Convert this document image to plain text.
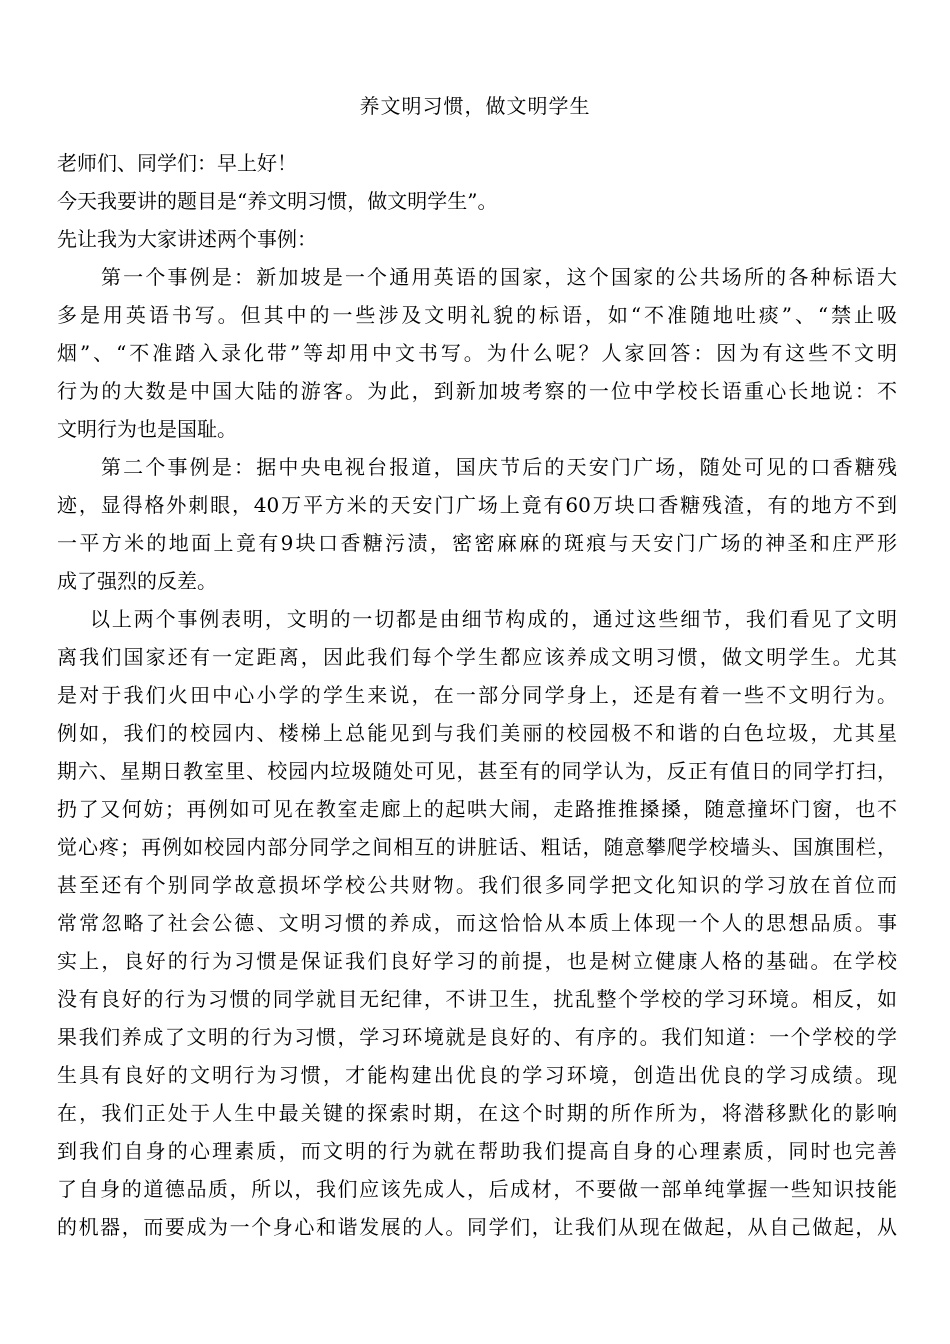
养文明习惯，做文明学生

老师们、同学们：早上好！

今天我要讲的题目是“养文明习惯，做文明学生”。

先让我为大家讲述两个事例：

第一个事例是：新加坡是一个通用英语的国家，这个国家的公共场所的各种标语大

多是用英语书写。但其中的一些涉及文明礼貌的标语，如“不准随地吐痰”、“禁止吸

烟”、“不准踏入录化带”等却用中文书写。为什么呢？人家回答：因为有这些不文明

行为的大数是中国大陆的游客。为此，到新加坡考察的一位中学校长语重心长地说：不

文明行为也是国耻。

第二个事例是：据中央电视台报道，国庆节后的天安门广场，随处可见的口香糖残

迹，显得格外刺眼，40万平方米的天安门广场上竟有60万块口香糖残渣，有的地方不到

一平方米的地面上竟有9块口香糖污渍，密密麻麻的斑痕与天安门广场的神圣和庄严形

成了强烈的反差。

以上两个事例表明，文明的一切都是由细节构成的，通过这些细节，我们看见了文明

离我们国家还有一定距离，因此我们每个学生都应该养成文明习惯，做文明学生。尤其

是对于我们火田中心小学的学生来说，在一部分同学身上，还是有着一些不文明行为。

例如，我们的校园内、楼梯上总能见到与我们美丽的校园极不和谐的白色垃圾，尤其星

期六、星期日教室里、校园内垃圾随处可见，甚至有的同学认为，反正有值日的同学打扫，

扔了又何妨；再例如可见在教室走廊上的起哄大闹，走路推推搡搡，随意撞坏门窗，也不

觉心疼；再例如校园内部分同学之间相互的讲脏话、粗话，随意攀爬学校墙头、国旗围栏，

甚至还有个别同学故意损坏学校公共财物。我们很多同学把文化知识的学习放在首位而

常常忽略了社会公德、文明习惯的养成，而这恰恰从本质上体现一个人的思想品质。事

实上，良好的行为习惯是保证我们良好学习的前提，也是树立健康人格的基础。在学校

没有良好的行为习惯的同学就目无纪律，不讲卫生，扰乱整个学校的学习环境。相反，如

果我们养成了文明的行为习惯，学习环境就是良好的、有序的。我们知道：一个学校的学

生具有良好的文明行为习惯，才能构建出优良的学习环境，创造出优良的学习成绩。现

在，我们正处于人生中最关键的探索时期，在这个时期的所作所为，将潜移默化的影响

到我们自身的心理素质，而文明的行为就在帮助我们提高自身的心理素质，同时也完善

了自身的道德品质，所以，我们应该先成人，后成材，不要做一部单纯掌握一些知识技能

的机器，而要成为一个身心和谐发展的人。同学们，让我们从现在做起，从自己做起，从
